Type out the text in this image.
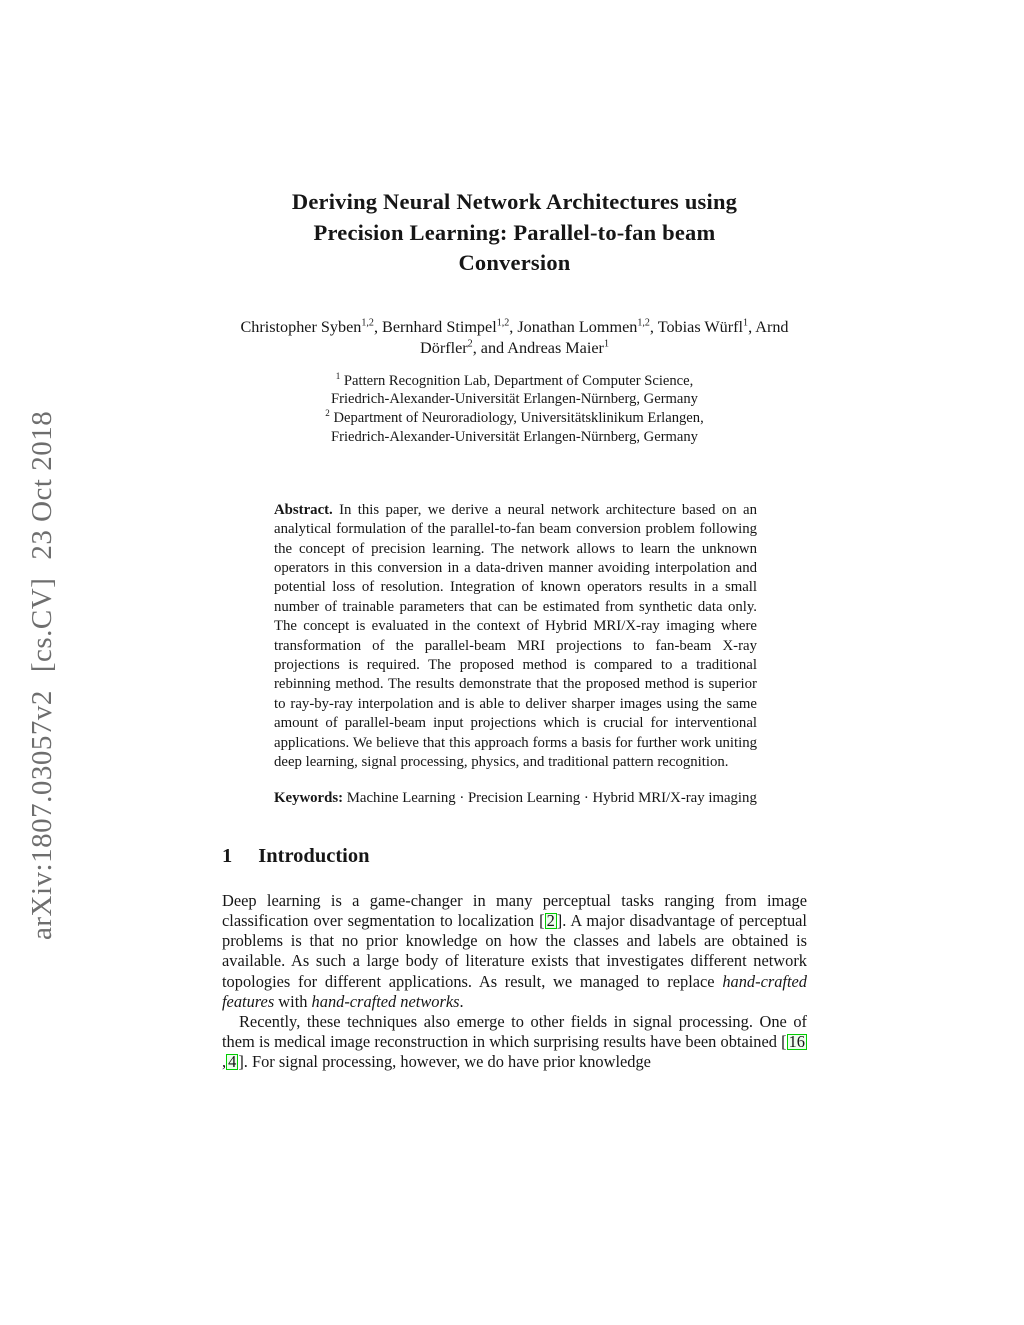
arXiv:1807.03057v2[cs.CV]23 Oct 2018
Deriving Neural Network Architectures using
Precision Learning: Parallel-to-fan beam
Conversion
Christopher Syben$^{1,2}$, Bernhard Stimpel$^{1,2}$, Jonathan Lommen$^{1,2}$, Tobias Würfl$^1$, Arnd Dörfler$^2$, and Andreas Maier$^1$
$^1$ Pattern Recognition Lab, Department of Computer Science,
Friedrich-Alexander-Universität Erlangen-Nürnberg, Germany
$^2$ Department of Neuroradiology, Universitätsklinikum Erlangen,
Friedrich-Alexander-Universität Erlangen-Nürnberg, Germany
Abstract. In this paper, we derive a neural network architecture based on an analytical formulation of the parallel-to-fan beam conversion problem following the concept of precision learning. The network allows to learn the unknown operators in this conversion in a data-driven manner avoiding interpolation and potential loss of resolution. Integration of known operators results in a small number of trainable parameters that can be estimated from synthetic data only. The concept is evaluated in the context of Hybrid MRI/X-ray imaging where transformation of the parallel-beam MRI projections to fan-beam X-ray projections is required. The proposed method is compared to a traditional rebinning method. The results demonstrate that the proposed method is superior to ray-by-ray interpolation and is able to deliver sharper images using the same amount of parallel-beam input projections which is crucial for interventional applications. We believe that this approach forms a basis for further work uniting deep learning, signal processing, physics, and traditional pattern recognition.
Keywords: Machine Learning · Precision Learning · Hybrid MRI/X-ray imaging
1 Introduction

Deep learning is a game-changer in many perceptual tasks ranging from image classification over segmentation to localization [ 2 ]. A major disadvantage of perceptual problems is that no prior knowledge on how the classes and labels are obtained is available. As such a large body of literature exists that investigates different network topologies for different applications. As result, we managed to replace hand-crafted features with hand-crafted networks.

Recently, these techniques also emerge to other fields in signal processing. One of them is medical image reconstruction in which surprising results have been obtained [ 16, 4 ]. For signal processing, however, we do have prior knowledge
